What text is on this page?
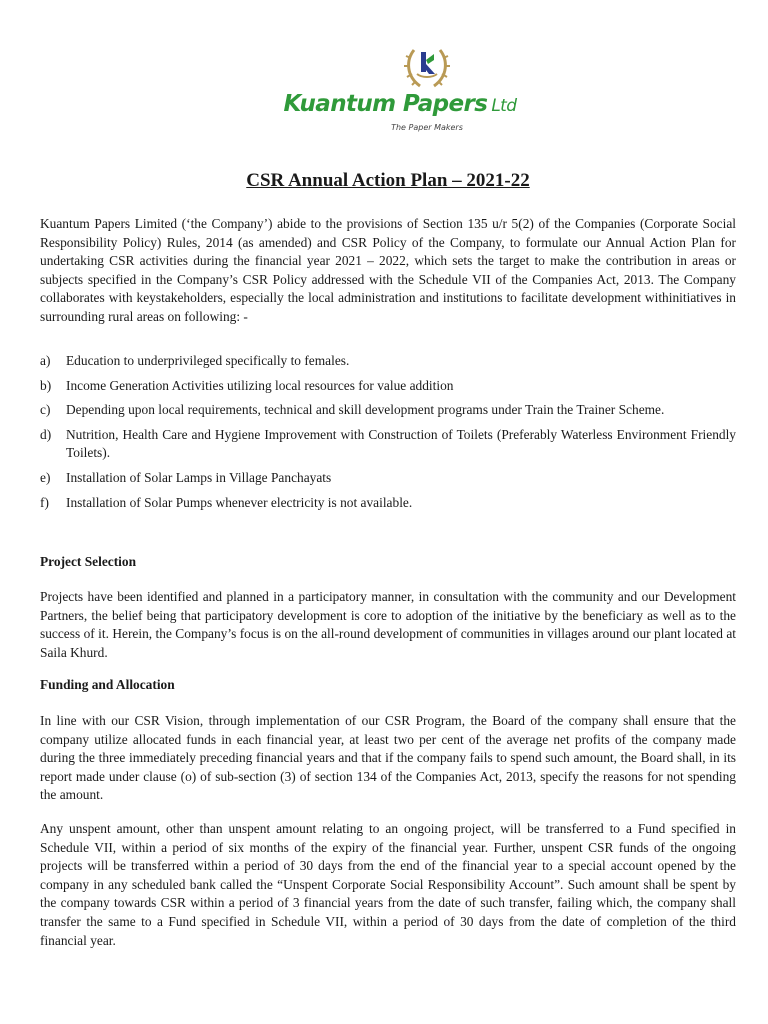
Kuantum Papers Ltd
The Paper Makers
CSR Annual Action Plan – 2021-22

Kuantum Papers Limited (‘the Company’) abide to the provisions of Section 135 u/r 5(2) of the Companies (Corporate Social Responsibility Policy) Rules, 2014 (as amended) and CSR Policy of the Company, to formulate our Annual Action Plan for undertaking CSR activities during the financial year 2021 – 2022, which sets the target to make the contribution in areas or subjects specified in the Company’s CSR Policy addressed with the Schedule VII of the Companies Act, 2013. The Company collaborates with keystakeholders, especially the local administration and institutions to facilitate development withinitiatives in surrounding rural areas on following: -

a) Education to underprivileged specifically to females.
b) Income Generation Activities utilizing local resources for value addition
c) Depending upon local requirements, technical and skill development programs under Train the Trainer Scheme.
d) Nutrition, Health Care and Hygiene Improvement with Construction of Toilets (Preferably Waterless Environment Friendly Toilets).
e) Installation of Solar Lamps in Village Panchayats
f) Installation of Solar Pumps whenever electricity is not available.
Project Selection

Projects have been identified and planned in a participatory manner, in consultation with the community and our Development Partners, the belief being that participatory development is core to adoption of the initiative by the beneficiary as well as to the success of it. Herein, the Company’s focus is on the all-round development of communities in villages around our plant located at Saila Khurd.

Funding and Allocation

In line with our CSR Vision, through implementation of our CSR Program, the Board of the company shall ensure that the company utilize allocated funds in each financial year, at least two per cent of the average net profits of the company made during the three immediately preceding financial years and that if the company fails to spend such amount, the Board shall, in its report made under clause (o) of sub-section (3) of section 134 of the Companies Act, 2013, specify the reasons for not spending the amount.

Any unspent amount, other than unspent amount relating to an ongoing project, will be transferred to a Fund specified in Schedule VII, within a period of six months of the expiry of the financial year. Further, unspent CSR funds of the ongoing projects will be transferred within a period of 30 days from the end of the financial year to a special account opened by the company in any scheduled bank called the “Unspent Corporate Social Responsibility Account”. Such amount shall be spent by the company towards CSR within a period of 3 financial years from the date of such transfer, failing which, the company shall transfer the same to a Fund specified in Schedule VII, within a period of 30 days from the date of completion of the third financial year.
